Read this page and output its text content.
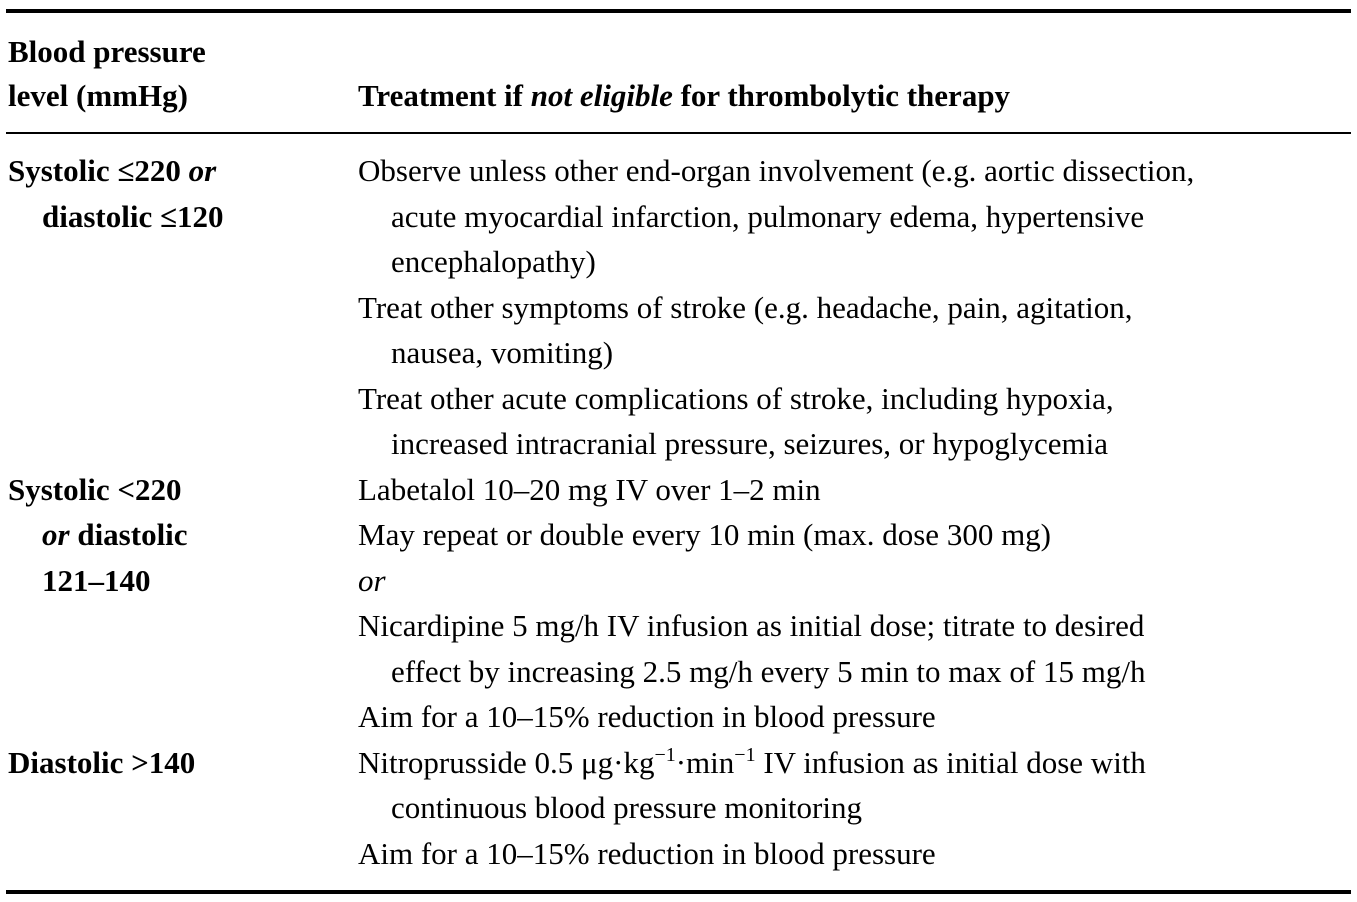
Blood pressure
level (mmHg)	Treatment if not eligible for thrombolytic therapy
Systolic ≤220 or
diastolic ≤120
Observe unless other end-organ involvement (e.g. aortic dissection,
acute myocardial infarction, pulmonary edema, hypertensive
encephalopathy)
Treat other symptoms of stroke (e.g. headache, pain, agitation,
nausea, vomiting)
Treat other acute complications of stroke, including hypoxia,
increased intracranial pressure, seizures, or hypoglycemia
Systolic <220
or diastolic
121–140
Labetalol 10–20 mg IV over 1–2 min
May repeat or double every 10 min (max. dose 300 mg)
or
Nicardipine 5 mg/h IV infusion as initial dose; titrate to desired
effect by increasing 2.5 mg/h every 5 min to max of 15 mg/h
Aim for a 10–15% reduction in blood pressure
Diastolic >140	Nitroprusside 0.5 $\mu g\cdot kg^{-1}\cdot\min^{-1}$ IV infusion as initial dose with
continuous blood pressure monitoring
Aim for a 10–15% reduction in blood pressure
